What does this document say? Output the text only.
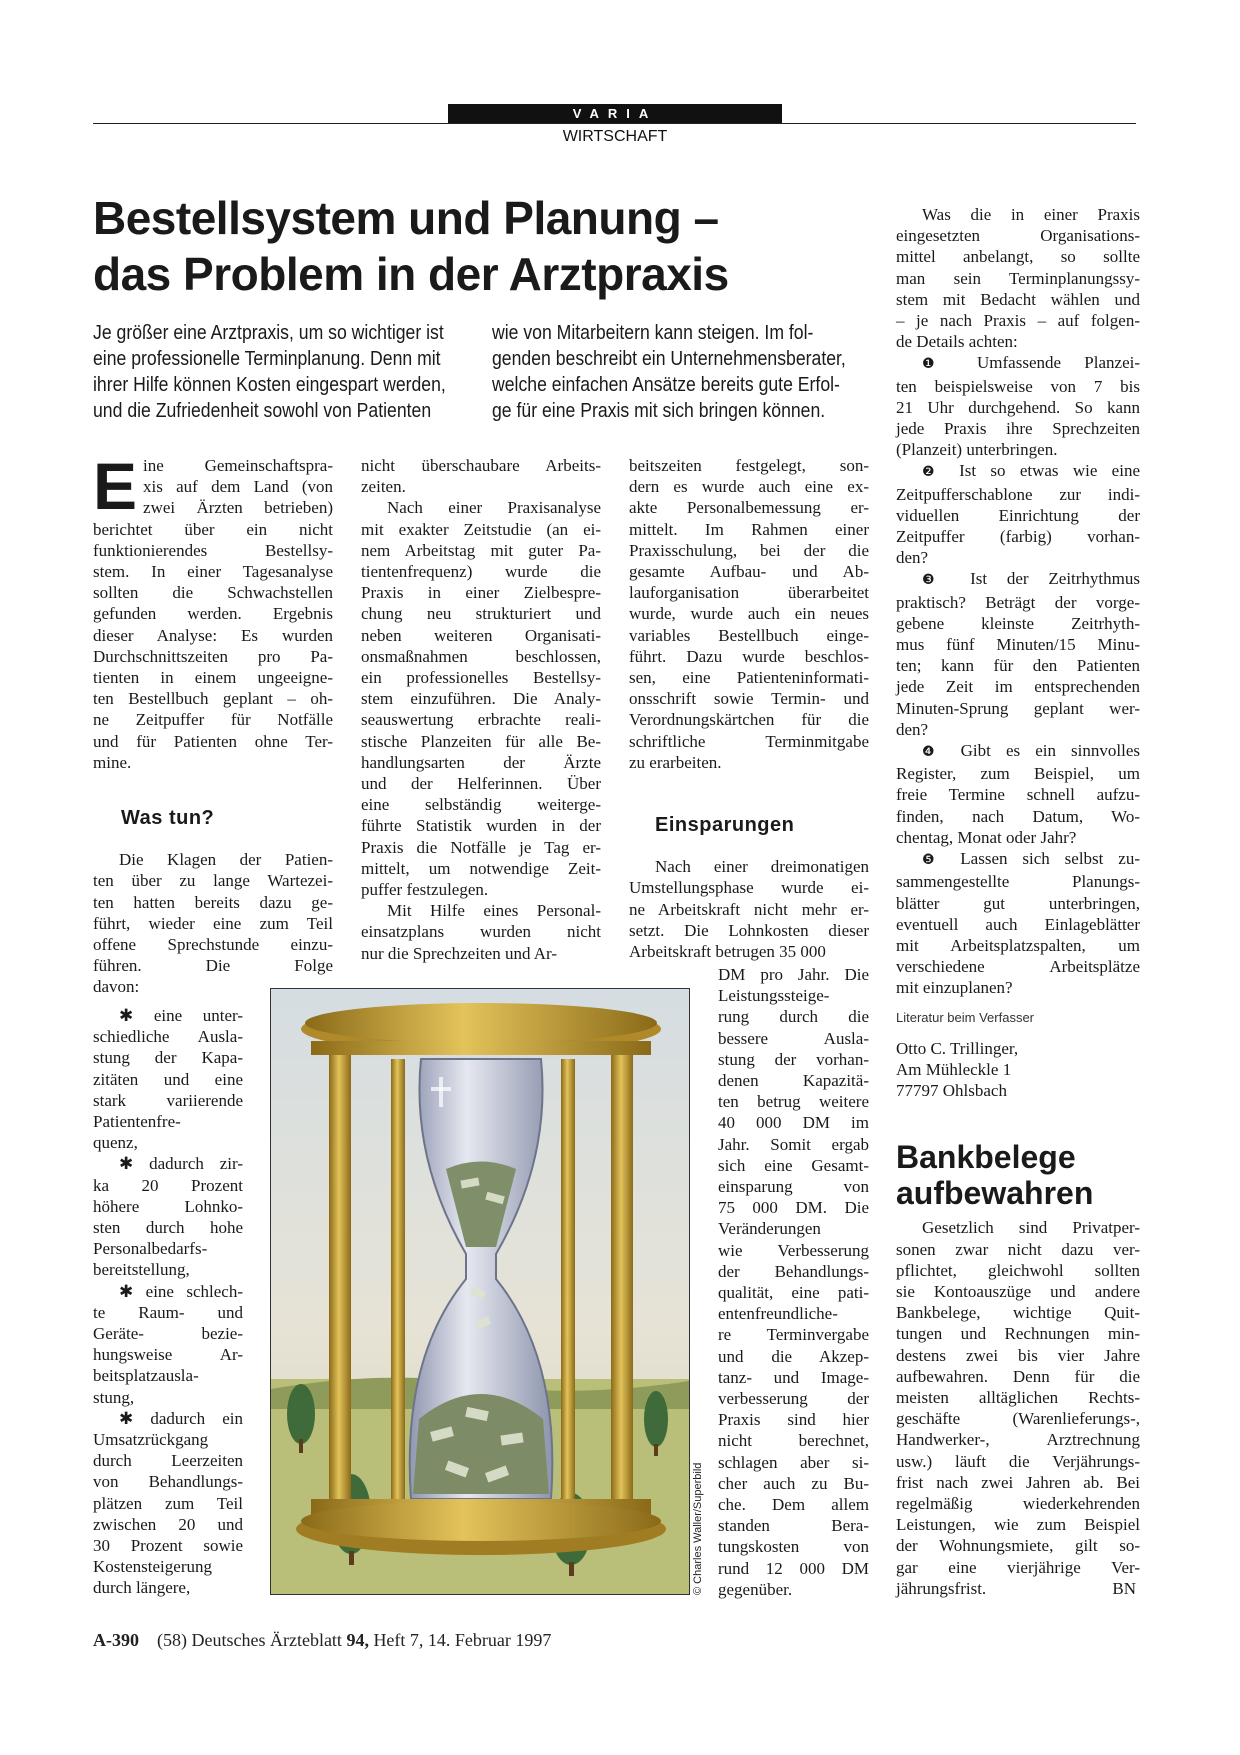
VARIA
WIRTSCHAFT
Bestellsystem und Planung –
das Problem in der Arztpraxis
Je größer eine Arztpraxis, um so wichtiger ist
eine professionelle Terminplanung. Denn mit
ihrer Hilfe können Kosten eingespart werden,
und die Zufriedenheit sowohl von Patienten
wie von Mitarbeitern kann steigen. Im fol-
genden beschreibt ein Unternehmensberater,
welche einfachen Ansätze bereits gute Erfol-
ge für eine Praxis mit sich bringen können.
E ine Gemeinschaftspra-
xis auf dem Land (von
zwei Ärzten betrieben)
berichtet über ein nicht
funktionierendes Bestellsy-
stem. In einer Tagesanalyse
sollten die Schwachstellen
gefunden werden. Ergebnis
dieser Analyse: Es wurden
Durchschnittszeiten pro Pa-
tienten in einem ungeeigne-
ten Bestellbuch geplant – oh-
ne Zeitpuffer für Notfälle
und für Patienten ohne Ter-
mine.
Was tun?
Die Klagen der Patien-
ten über zu lange Wartezei-
ten hatten bereits dazu ge-
führt, wieder eine zum Teil
offene Sprechstunde einzu-
führen. Die Folge
davon:
✱ eine unter-
schiedliche Ausla-
stung der Kapa-
zitäten und eine
stark variierende
Patientenfre-
quenz,
✱ dadurch zir-
ka 20 Prozent
höhere Lohnko-
sten durch hohe
Personalbedarfs-
bereitstellung,
✱ eine schlech-
te Raum- und
Geräte- bezie-
hungsweise Ar-
beitsplatzausla-
stung,
✱ dadurch ein
Umsatzrückgang
durch Leerzeiten
von Behandlungs-
plätzen zum Teil
zwischen 20 und
30 Prozent sowie
Kostensteigerung
durch längere,
nicht überschaubare Arbeits-
zeiten.
Nach einer Praxisanalyse
mit exakter Zeitstudie (an ei-
nem Arbeitstag mit guter Pa-
tientenfrequenz) wurde die
Praxis in einer Zielbespre-
chung neu strukturiert und
neben weiteren Organisati-
onsmaßnahmen beschlossen,
ein professionelles Bestellsy-
stem einzuführen. Die Analy-
seauswertung erbrachte reali-
stische Planzeiten für alle Be-
handlungsarten der Ärzte
und der Helferinnen. Über
eine selbständig weiterge-
führte Statistik wurden in der
Praxis die Notfälle je Tag er-
mittelt, um notwendige Zeit-
puffer festzulegen.
Mit Hilfe eines Personal-
einsatzplans wurden nicht
nur die Sprechzeiten und Ar-
beitszeiten festgelegt, son-
dern es wurde auch eine ex-
akte Personalbemessung er-
mittelt. Im Rahmen einer
Praxisschulung, bei der die
gesamte Aufbau- und Ab-
lauforganisation überarbeitet
wurde, wurde auch ein neues
variables Bestellbuch einge-
führt. Dazu wurde beschlos-
sen, eine Patienteninformati-
onsschrift sowie Termin- und
Verordnungskärtchen für die
schriftliche Terminmitgabe
zu erarbeiten.
Einsparungen
Nach einer dreimonatigen
Umstellungsphase wurde ei-
ne Arbeitskraft nicht mehr er-
setzt. Die Lohnkosten dieser
Arbeitskraft betrugen 35 000
DM pro Jahr. Die
Leistungssteige-
rung durch die
bessere Ausla-
stung der vorhan-
denen Kapazitä-
ten betrug weitere
40 000 DM im
Jahr. Somit ergab
sich eine Gesamt-
einsparung von
75 000 DM. Die
Veränderungen
wie Verbesserung
der Behandlungs-
qualität, eine pati-
entenfreundliche-
re Terminvergabe
und die Akzep-
tanz- und Image-
verbesserung der
Praxis sind hier
nicht berechnet,
schlagen aber si-
cher auch zu Bu-
che. Dem allem
standen Bera-
tungskosten von
rund 12 000 DM
gegenüber.
© Charles Waller/Superbild
Was die in einer Praxis
eingesetzten Organisations-
mittel anbelangt, so sollte
man sein Terminplanungssy-
stem mit Bedacht wählen und
– je nach Praxis – auf folgen-
de Details achten:
❶ Umfassende Planzei-
ten beispielsweise von 7 bis
21 Uhr durchgehend. So kann
jede Praxis ihre Sprechzeiten
(Planzeit) unterbringen.
❷ Ist so etwas wie eine
Zeitpufferschablone zur indi-
viduellen Einrichtung der
Zeitpuffer (farbig) vorhan-
den?
❸ Ist der Zeitrhythmus
praktisch? Beträgt der vorge-
gebene kleinste Zeitrhyth-
mus fünf Minuten/15 Minu-
ten; kann für den Patienten
jede Zeit im entsprechenden
Minuten-Sprung geplant wer-
den?
❹ Gibt es ein sinnvolles
Register, zum Beispiel, um
freie Termine schnell aufzu-
finden, nach Datum, Wo-
chentag, Monat oder Jahr?
❺ Lassen sich selbst zu-
sammengestellte Planungs-
blätter gut unterbringen,
eventuell auch Einlageblätter
mit Arbeitsplatzspalten, um
verschiedene Arbeitsplätze
mit einzuplanen?
Literatur beim Verfasser
Otto C. Trillinger,
Am Mühleckle 1
77797 Ohlsbach
Bankbelege
aufbewahren
Gesetzlich sind Privatper-
sonen zwar nicht dazu ver-
pflichtet, gleichwohl sollten
sie Kontoauszüge und andere
Bankbelege, wichtige Quit-
tungen und Rechnungen min-
destens zwei bis vier Jahre
aufbewahren. Denn für die
meisten alltäglichen Rechts-
geschäfte (Warenlieferungs-,
Handwerker-, Arztrechnung
usw.) läuft die Verjährungs-
frist nach zwei Jahren ab. Bei
regelmäßig wiederkehrenden
Leistungen, wie zum Beispiel
der Wohnungsmiete, gilt so-
gar eine vierjährige Ver-
jährungsfrist.	BN
A-390 (58) Deutsches Ärzteblatt 94, Heft 7, 14. Februar 1997
